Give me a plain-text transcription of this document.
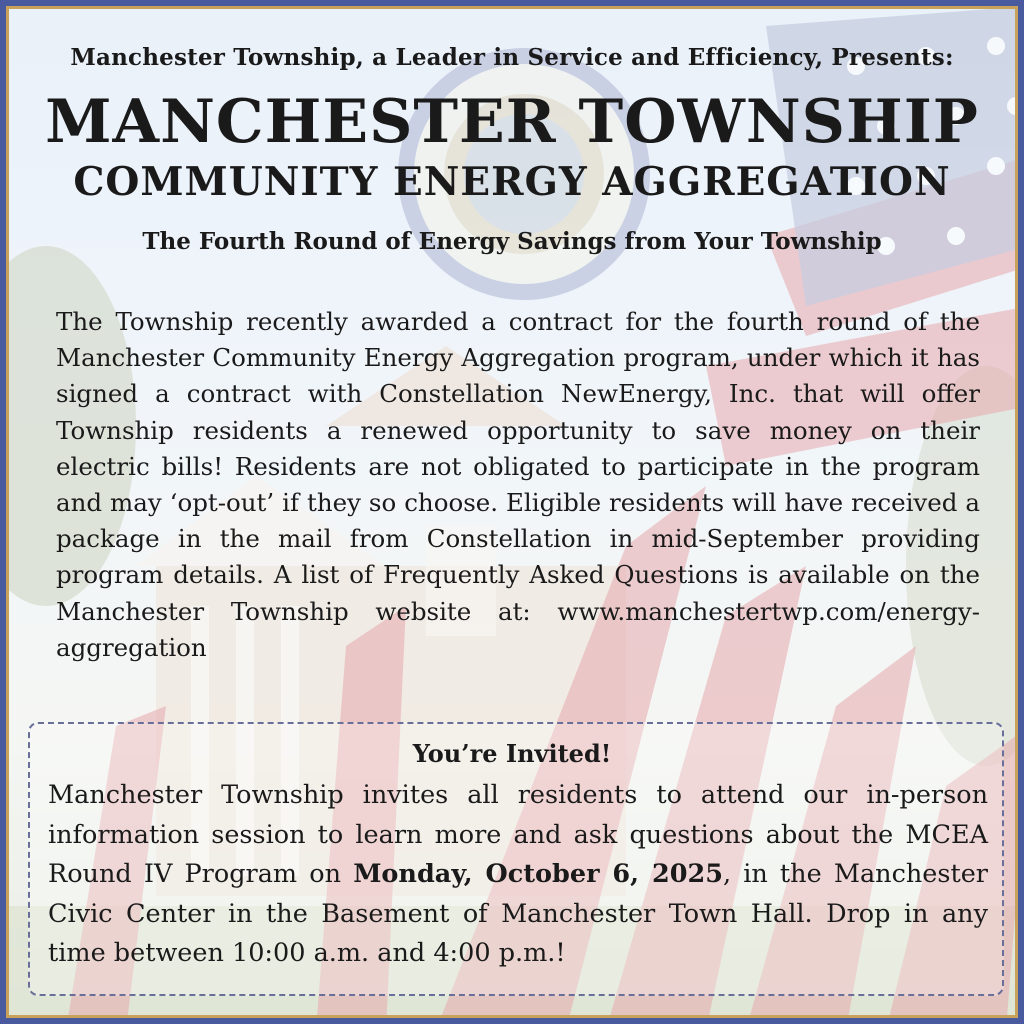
Manchester Township, a Leader in Service and Efficiency, Presents:
MANCHESTER TOWNSHIP
COMMUNITY ENERGY AGGREGATION
The Fourth Round of Energy Savings from Your Township
The Township recently awarded a contract for the fourth round of the Manchester Community Energy Aggregation program, under which it has signed a contract with Constellation NewEnergy, Inc. that will offer Township residents a renewed opportunity to save money on their electric bills! Residents are not obligated to participate in the program and may ‘opt-out’ if they so choose. Eligible residents will have received a package in the mail from Constellation in mid-September providing program details. A list of Frequently Asked Questions is available on the Manchester Township website at: www.manchestertwp.com/energy-aggregation
You’re Invited!
Manchester Township invites all residents to attend our in-person information session to learn more and ask questions about the MCEA Round IV Program on Monday, October 6, 2025, in the Manchester Civic Center in the Basement of Manchester Town Hall. Drop in any time between 10:00 a.m. and 4:00 p.m.!
